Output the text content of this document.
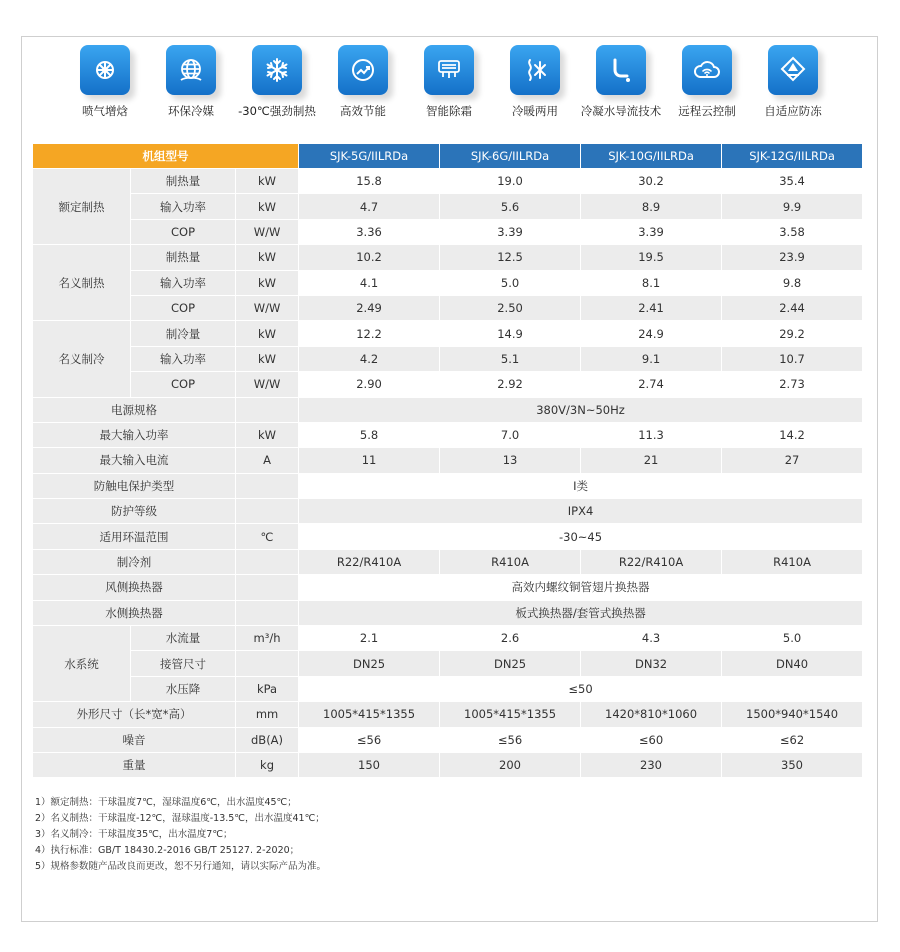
喷气增焓	环保冷媒	-30℃强劲制热	高效节能	智能除霜	冷暖两用	冷凝水导流技术	远程云控制	自适应防冻
机组型号			SJK-5G/IILRDa	SJK-6G/IILRDa	SJK-10G/IILRDa	SJK-12G/IILRDa
额定制热	制热量	kW	15.8	19.0	30.2	35.4
	输入功率	kW	4.7	5.6	8.9	9.9
	COP	W/W	3.36	3.39	3.39	3.58
名义制热	制热量	kW	10.2	12.5	19.5	23.9
	输入功率	kW	4.1	5.0	8.1	9.8
	COP	W/W	2.49	2.50	2.41	2.44
名义制冷	制冷量	kW	12.2	14.9	24.9	29.2
	输入功率	kW	4.2	5.1	9.1	10.7
	COP	W/W	2.90	2.92	2.74	2.73
电源规格			380V/3N~50Hz			
最大输入功率		kW	5.8	7.0	11.3	14.2
最大输入电流		A	11	13	21	27
防触电保护类型			I类			
防护等级			IPX4			
适用环温范围		℃	-30~45			
制冷剂			R22/R410A	R410A	R22/R410A	R410A
风侧换热器			高效内螺纹铜管翅片换热器			
水侧换热器			板式换热器/套管式换热器			
水系统	水流量	m³/h	2.1	2.6	4.3	5.0
	接管尺寸		DN25	DN25	DN32	DN40
	水压降	kPa	≤50			
外形尺寸（长*宽*高）		mm	1005*415*1355	1005*415*1355	1420*810*1060	1500*940*1540
噪音		dB(A)	≤56	≤56	≤60	≤62
重量		kg	150	200	230	350
1）额定制热：干球温度7℃，湿球温度6℃，出水温度45℃；
2）名义制热：干球温度-12℃，湿球温度-13.5℃，出水温度41℃；
3）名义制冷：干球温度35℃，出水温度7℃；
4）执行标准：GB/T 18430.2-2016 GB/T 25127. 2-2020；
5）规格参数随产品改良而更改，恕不另行通知，请以实际产品为准。
